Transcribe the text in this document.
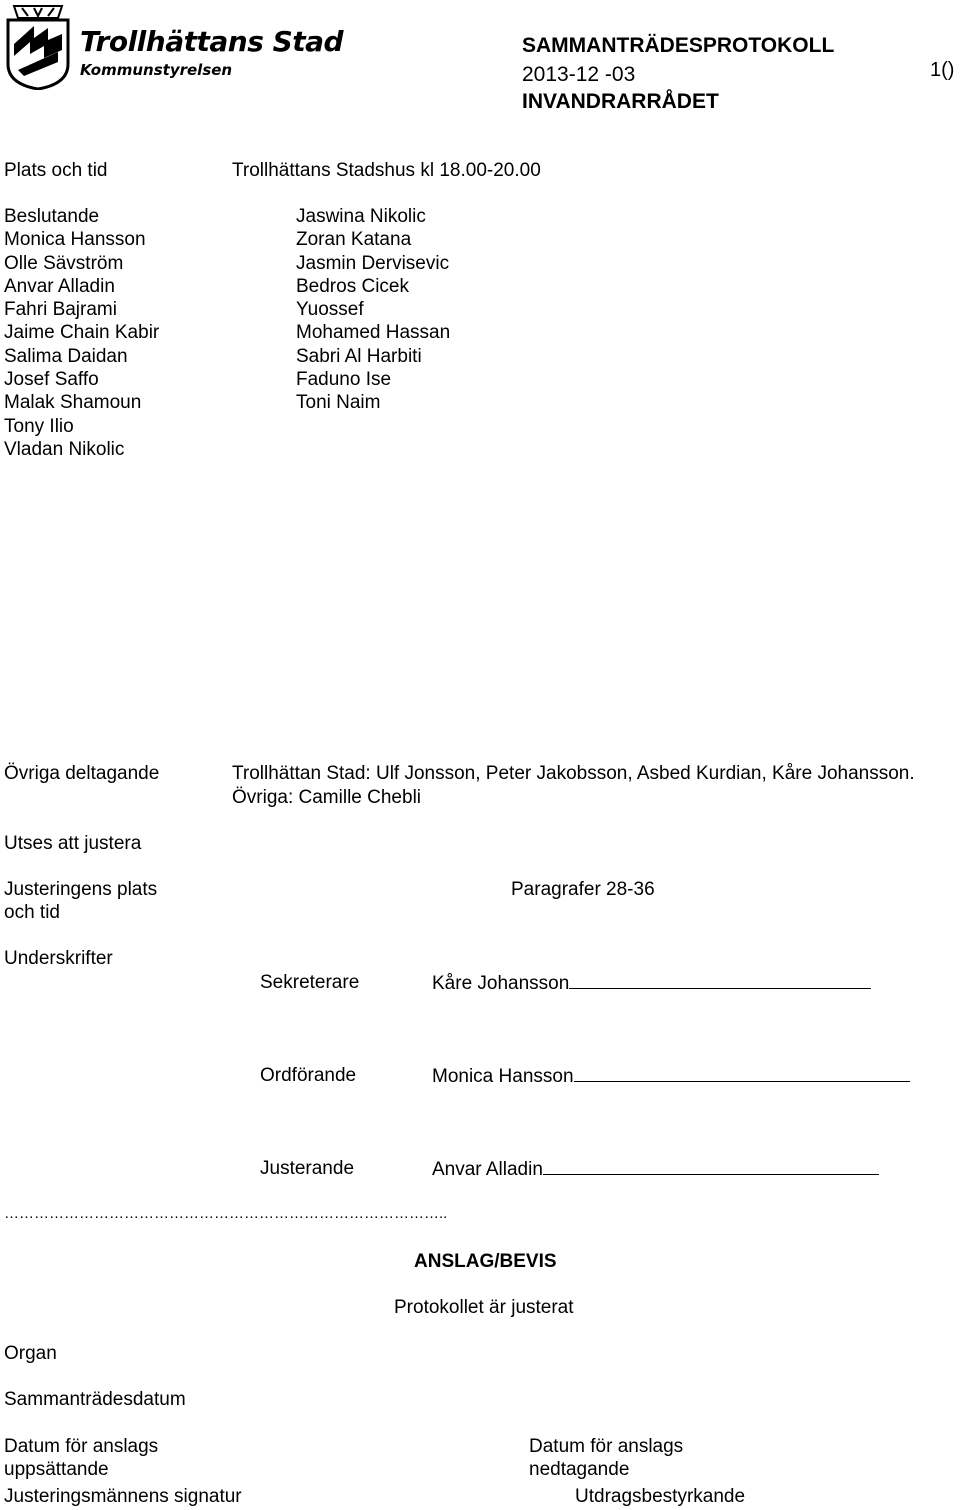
Trollhättans Stad
Kommunstyrelsen
SAMMANTRÄDESPROTOKOLL
2013-12 -03
INVANDRARRÅDET
1()
Plats och tid	Trollhättans Stadshus kl 18.00-20.00
Beslutande
Monica Hansson
Olle Sävström
Anvar Alladin
Fahri Bajrami
Jaime Chain Kabir
Salima Daidan
Josef Saffo
Malak Shamoun
Tony Ilio
Vladan Nikolic
Jaswina Nikolic
Zoran Katana
Jasmin Dervisevic
Bedros Cicek
Yuossef
Mohamed Hassan
Sabri Al Harbiti
Faduno Ise
Toni Naim
Övriga deltagande	Trollhättan Stad: Ulf Jonsson, Peter Jakobsson, Asbed Kurdian, Kåre Johansson.
Övriga: Camille Chebli
Utses att justera
Justeringens plats
och tid
Paragrafer 28-36
Underskrifter
Sekreterare	Kåre Johansson
Ordförande	Monica Hansson
Justerande	Anvar Alladin
……………………………………………………………………………..
ANSLAG/BEVIS
Protokollet är justerat
Organ
Sammanträdesdatum
Datum för anslags
uppsättande
Datum för anslags
nedtagande
Justeringsmännens signatur	Utdragsbestyrkande
